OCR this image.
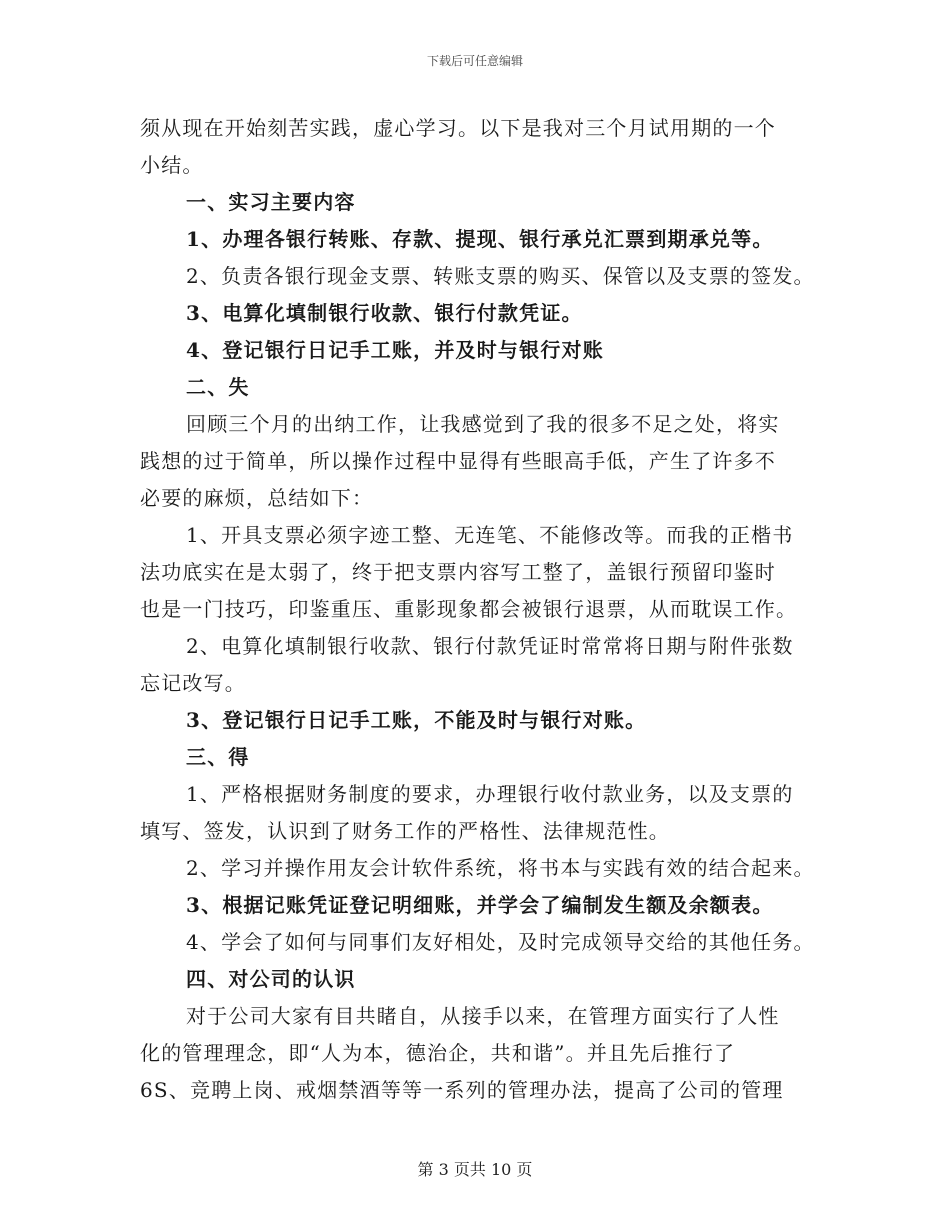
下载后可任意编辑
须从现在开始刻苦实践，虚心学习。以下是我对三个月试用期的一个
小结。
一、实习主要内容
1、办理各银行转账、存款、提现、银行承兑汇票到期承兑等。
2、负责各银行现金支票、转账支票的购买、保管以及支票的签发。
3、电算化填制银行收款、银行付款凭证。
4、登记银行日记手工账，并及时与银行对账
二、失
回顾三个月的出纳工作，让我感觉到了我的很多不足之处，将实
践想的过于简单，所以操作过程中显得有些眼高手低，产生了许多不
必要的麻烦，总结如下：
1、开具支票必须字迹工整、无连笔、不能修改等。而我的正楷书
法功底实在是太弱了，终于把支票内容写工整了，盖银行预留印鉴时
也是一门技巧，印鉴重压、重影现象都会被银行退票，从而耽误工作。
2、电算化填制银行收款、银行付款凭证时常常将日期与附件张数
忘记改写。
3、登记银行日记手工账，不能及时与银行对账。
三、得
1、严格根据财务制度的要求，办理银行收付款业务，以及支票的
填写、签发，认识到了财务工作的严格性、法律规范性。
2、学习并操作用友会计软件系统，将书本与实践有效的结合起来。
3、根据记账凭证登记明细账，并学会了编制发生额及余额表。
4、学会了如何与同事们友好相处，及时完成领导交给的其他任务。
四、对公司的认识
对于公司大家有目共睹自，从接手以来，在管理方面实行了人性
化的管理理念，即“人为本，德治企，共和谐”。并且先后推行了
6S、竞聘上岗、戒烟禁酒等等一系列的管理办法，提高了公司的管理
第 3 页共 10 页
